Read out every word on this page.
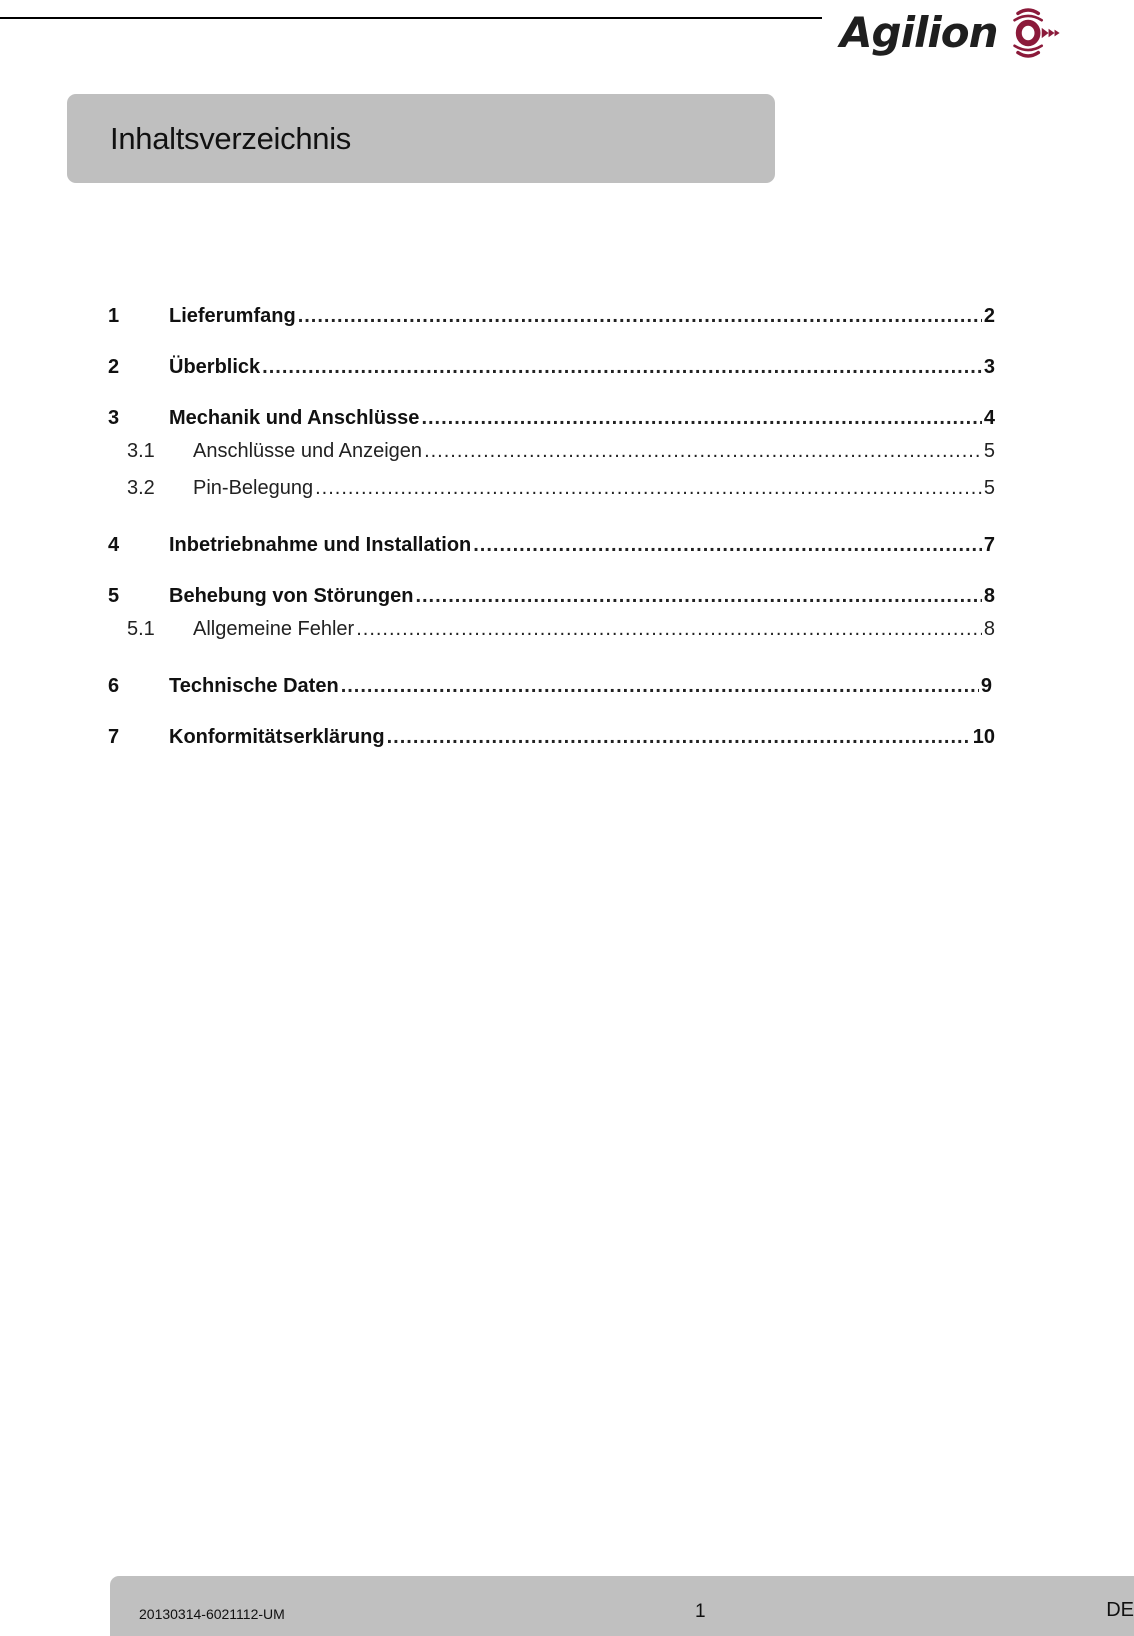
Agilion
Inhaltsverzeichnis
1	Lieferumfang .....	2
2	Überblick .....	3
3	Mechanik und Anschlüsse .....	4
3.1	Anschlüsse und Anzeigen .....	5
3.2	Pin-Belegung .....	5
4	Inbetriebnahme und Installation .....	7
5	Behebung von Störungen .....	8
5.1	Allgemeine Fehler .....	8
6	Technische Daten .....	9
7	Konformitätserklärung .....	10
20130314-6021112-UM	1	DE
